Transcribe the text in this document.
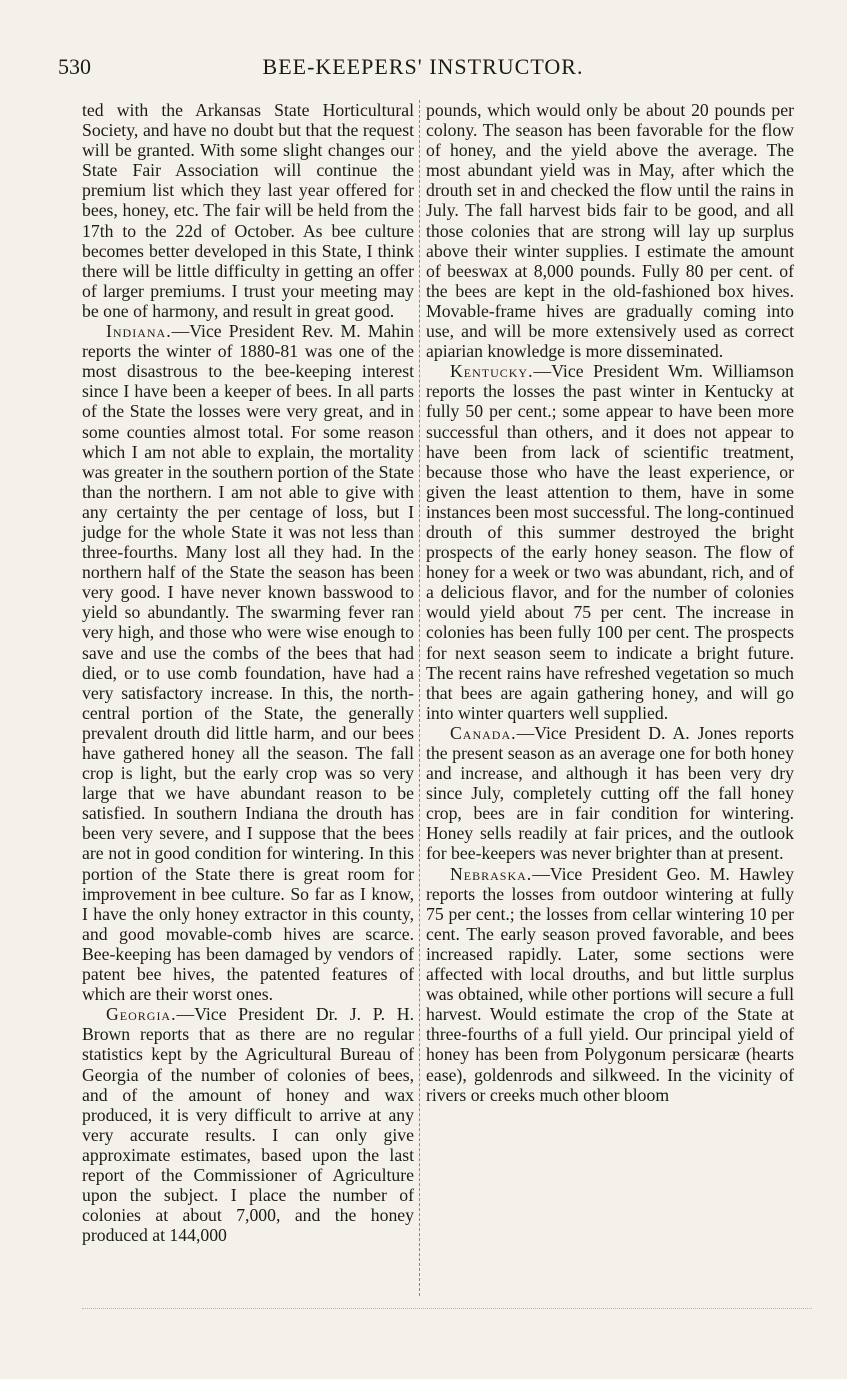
530	BEE-KEEPERS' INSTRUCTOR.

ted with the Arkansas State Horticultural Society, and have no doubt but that the request will be granted. With some slight changes our State Fair Association will continue the premium list which they last year offered for bees, honey, etc. The fair will be held from the 17th to the 22d of October. As bee culture becomes better developed in this State, I think there will be little difficulty in getting an offer of larger premiums. I trust your meeting may be one of harmony, and result in great good.

Indiana.—Vice President Rev. M. Mahin reports the winter of 1880-81 was one of the most disastrous to the bee-keeping interest since I have been a keeper of bees. In all parts of the State the losses were very great, and in some counties almost total. For some reason which I am not able to explain, the mortality was greater in the southern portion of the State than the northern. I am not able to give with any certainty the per centage of loss, but I judge for the whole State it was not less than three-fourths. Many lost all they had. In the northern half of the State the season has been very good. I have never known basswood to yield so abundantly. The swarming fever ran very high, and those who were wise enough to save and use the combs of the bees that had died, or to use comb foundation, have had a very satisfactory increase. In this, the north-central portion of the State, the generally prevalent drouth did little harm, and our bees have gathered honey all the season. The fall crop is light, but the early crop was so very large that we have abundant reason to be satisfied. In southern Indiana the drouth has been very severe, and I suppose that the bees are not in good condition for wintering. In this portion of the State there is great room for improvement in bee culture. So far as I know, I have the only honey extractor in this county, and good movable-comb hives are scarce. Bee-keeping has been damaged by vendors of patent bee hives, the patented features of which are their worst ones.

Georgia.—Vice President Dr. J. P. H. Brown reports that as there are no regular statistics kept by the Agricultural Bureau of Georgia of the number of colonies of bees, and of the amount of honey and wax produced, it is very difficult to arrive at any very accurate results. I can only give approximate estimates, based upon the last report of the Commissioner of Agriculture upon the subject. I place the number of colonies at about 7,000, and the honey produced at 144,000

pounds, which would only be about 20 pounds per colony. The season has been favorable for the flow of honey, and the yield above the average. The most abundant yield was in May, after which the drouth set in and checked the flow until the rains in July. The fall harvest bids fair to be good, and all those colonies that are strong will lay up surplus above their winter supplies. I estimate the amount of beeswax at 8,000 pounds. Fully 80 per cent. of the bees are kept in the old-fashioned box hives. Movable-frame hives are gradually coming into use, and will be more extensively used as correct apiarian knowledge is more disseminated.

Kentucky.—Vice President Wm. Williamson reports the losses the past winter in Kentucky at fully 50 per cent.; some appear to have been more successful than others, and it does not appear to have been from lack of scientific treatment, because those who have the least experience, or given the least attention to them, have in some instances been most successful. The long-continued drouth of this summer destroyed the bright prospects of the early honey season. The flow of honey for a week or two was abundant, rich, and of a delicious flavor, and for the number of colonies would yield about 75 per cent. The increase in colonies has been fully 100 per cent. The prospects for next season seem to indicate a bright future. The recent rains have refreshed vegetation so much that bees are again gathering honey, and will go into winter quarters well supplied.

Canada.—Vice President D. A. Jones reports the present season as an average one for both honey and increase, and although it has been very dry since July, completely cutting off the fall honey crop, bees are in fair condition for wintering. Honey sells readily at fair prices, and the outlook for bee-keepers was never brighter than at present.

Nebraska.—Vice President Geo. M. Hawley reports the losses from outdoor wintering at fully 75 per cent.; the losses from cellar wintering 10 per cent. The early season proved favorable, and bees increased rapidly. Later, some sections were affected with local drouths, and but little surplus was obtained, while other portions will secure a full harvest. Would estimate the crop of the State at three-fourths of a full yield. Our principal yield of honey has been from Polygonum persicaræ (hearts ease), goldenrods and silkweed. In the vicinity of rivers or creeks much other bloom
